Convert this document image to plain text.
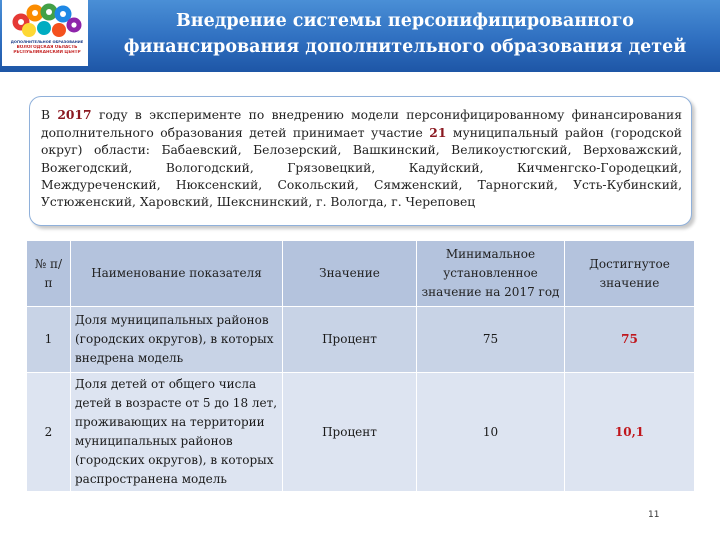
ДОПОЛНИТЕЛЬНОЕ ОБРАЗОВАНИЕ
ВОЛОГОДСКАЯ ОБЛАСТЬ
РЕСПУБЛИКАНСКИЙ ЦЕНТР
Внедрение системы персонифицированного финансирования дополнительного образования детей
В 2017 году в эксперименте по внедрению модели персонифицированному финансирования дополнительного образования детей принимает участие 21 муниципальный район (городской округ) области: Бабаевский, Белозерский, Вашкинский, Великоустюгский, Верховажский, Вожегодский, Вологодский, Грязовецкий, Кадуйский, Кичменгско-Городецкий, Междуреченский, Нюксенский, Сокольский, Сямженский, Тарногский, Усть-Кубинский, Устюженский, Харовский, Шекснинский, г. Вологда, г. Череповец
№ п/п	Наименование показателя	Значение	Минимальное установленное значение на 2017 год	Достигнутое значение
1	Доля муниципальных районов (городских округов), в которых внедрена модель	Процент	75	75
2	Доля детей от общего числа детей в возрасте от 5 до 18 лет, проживающих на территории муниципальных районов (городских округов), в которых распространена модель	Процент	10	10,1
11
